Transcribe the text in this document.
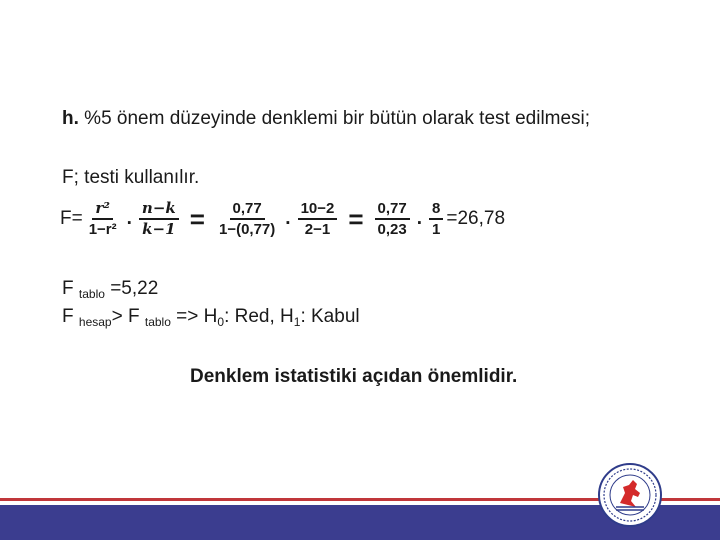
h. %5 önem düzeyinde denklemi bir bütün olarak test edilmesi;
F; testi kullanılır.
$F= \frac{\text{r²}}{\text{1−r²}}$ . $\frac{n-k}{k-1} = \frac{0,77}{1-(0,77)}$ . $\frac{10-2}{2-1} = \frac{0,77}{0,23}$ . $\frac{8}{1} =26,78$
F $_{tablo}$ =5,22
F $_{hesap}$> F $_{tablo} => H_0$: Red, $H_1$: Kabul
Denklem istatistiki açıdan önemlidir.
